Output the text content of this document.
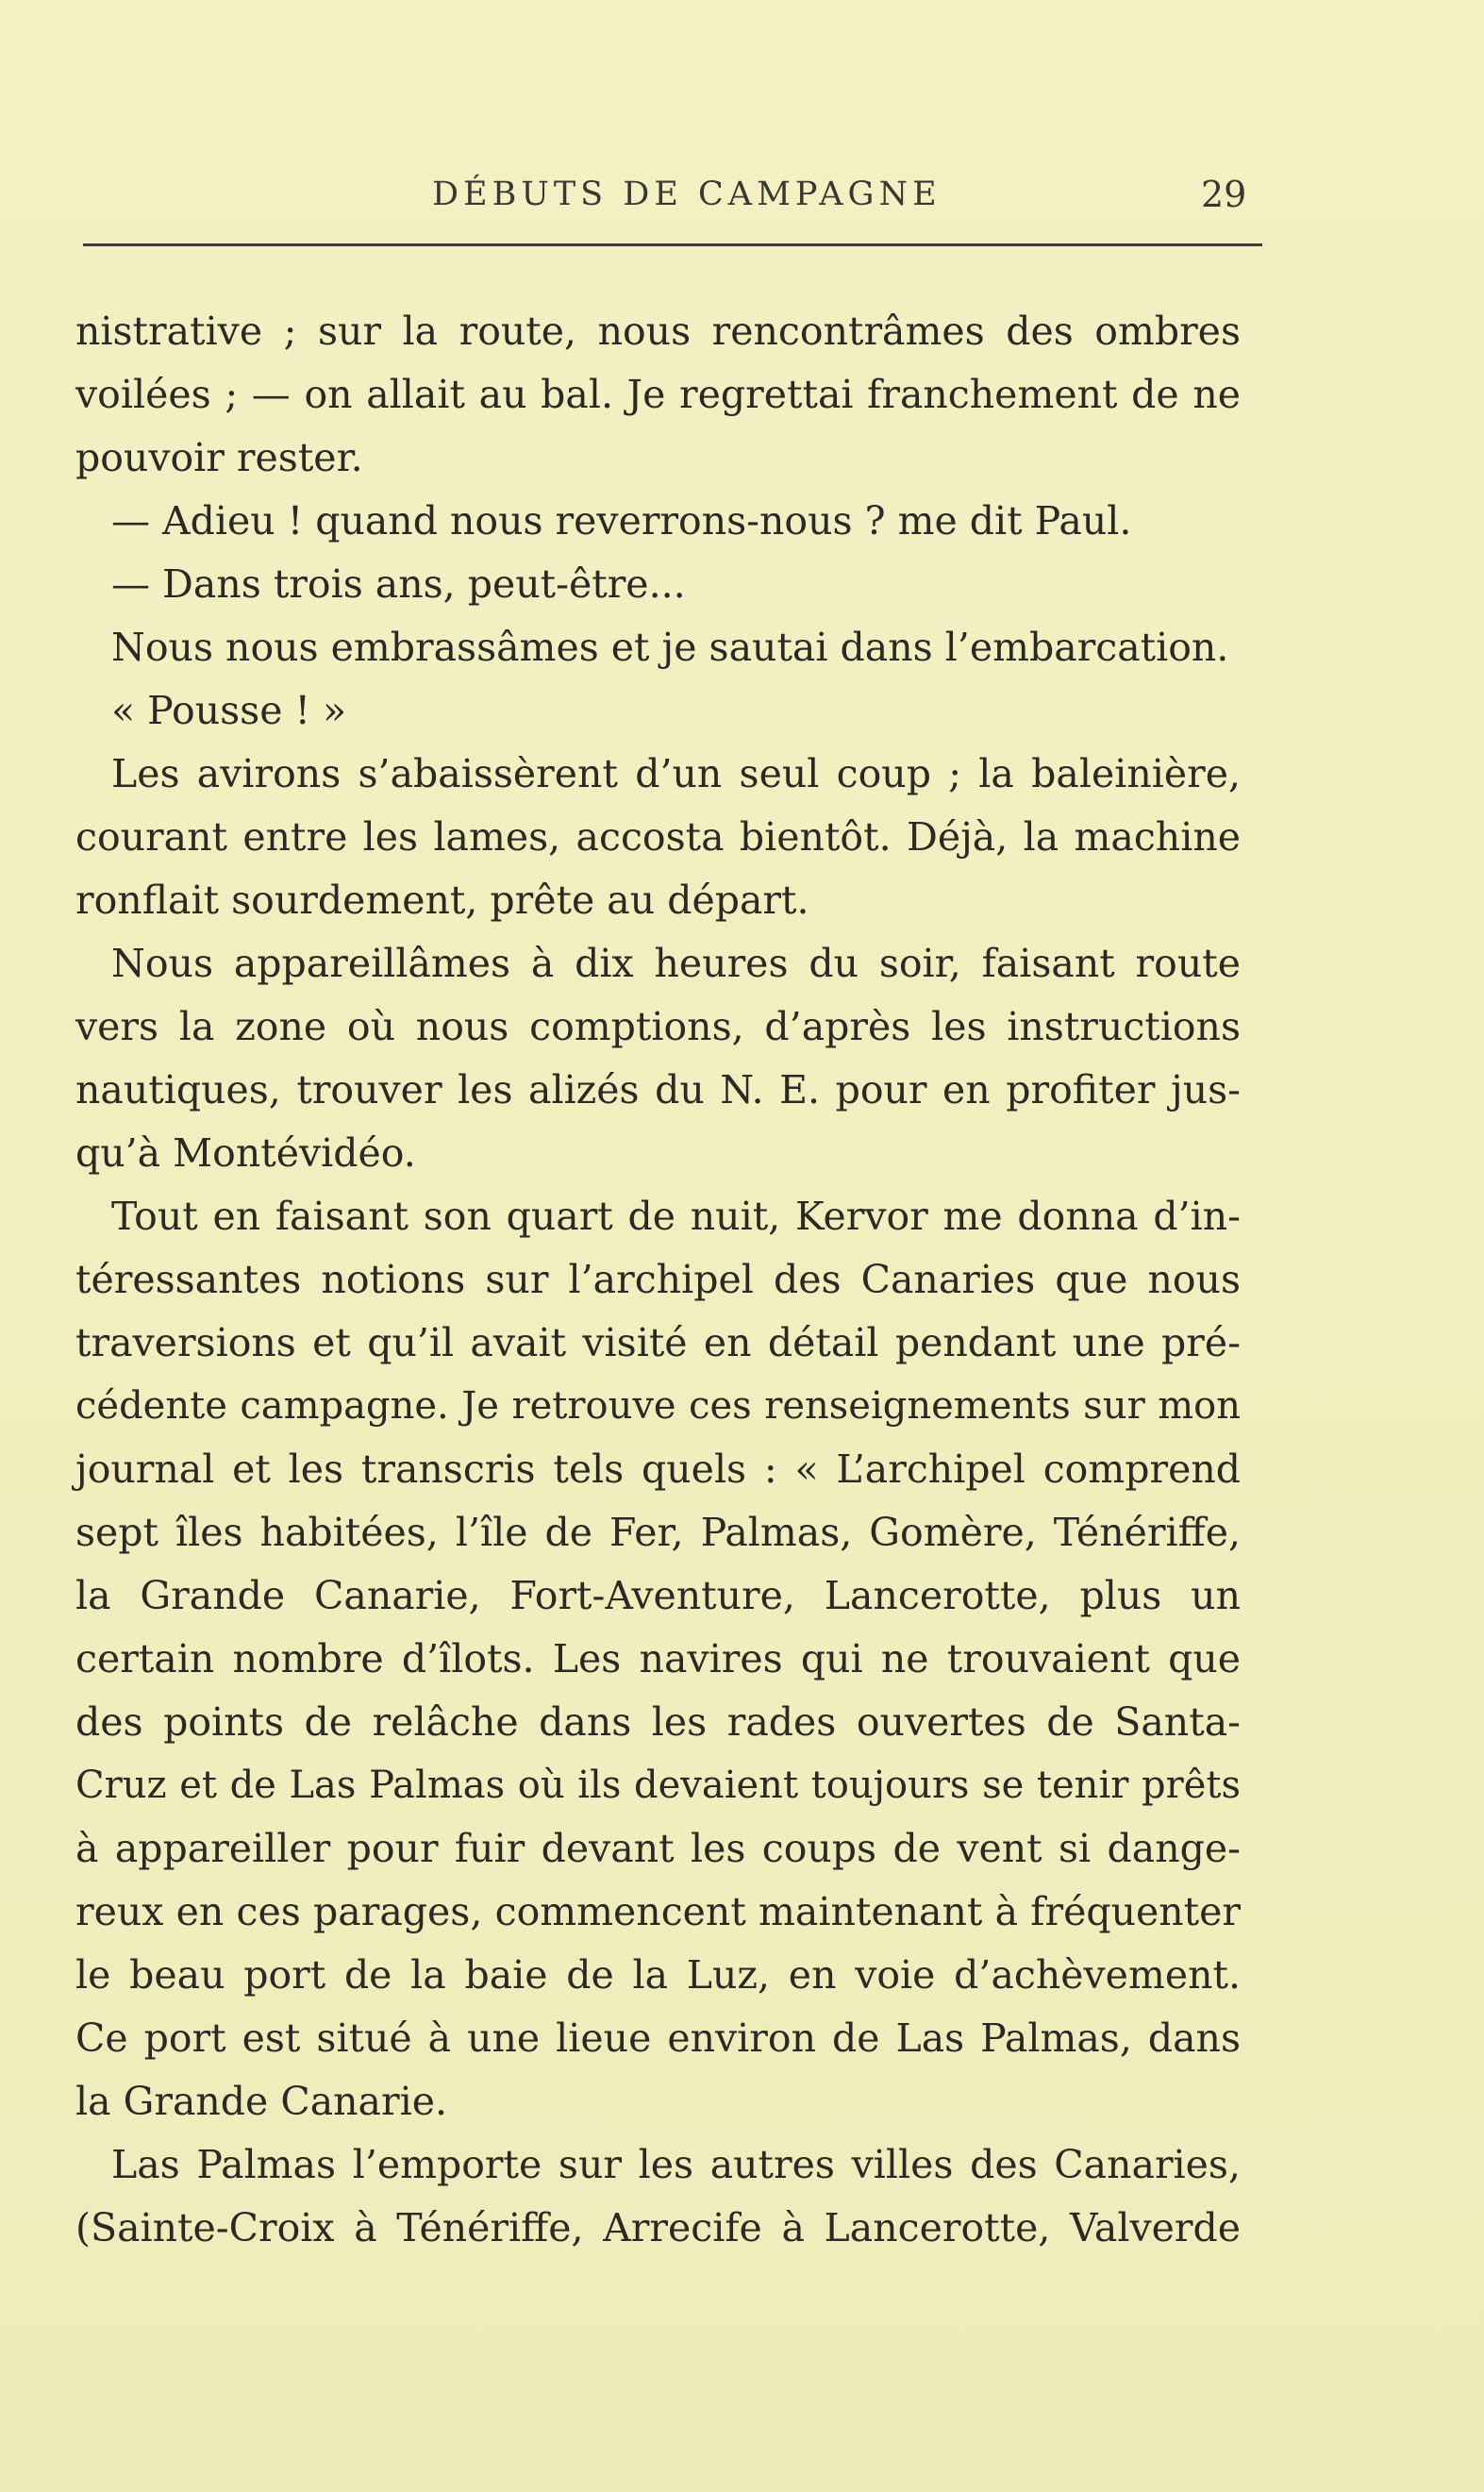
DÉBUTS DE CAMPAGNE	29
nistrative ; sur la route, nous rencontrâmes des ombres
voilées ; — on allait au bal. Je regrettai franchement de ne
pouvoir rester.
— Adieu ! quand nous reverrons-nous ? me dit Paul.
— Dans trois ans, peut-être...
Nous nous embrassâmes et je sautai dans l’embarcation.
« Pousse ! »
Les avirons s’abaissèrent d’un seul coup ; la baleinière,
courant entre les lames, accosta bientôt. Déjà, la machine
ronflait sourdement, prête au départ.
Nous appareillâmes à dix heures du soir, faisant route
vers la zone où nous comptions, d’après les instructions
nautiques, trouver les alizés du N. E. pour en profiter jus-
qu’à Montévidéo.
Tout en faisant son quart de nuit, Kervor me donna d’in-
téressantes notions sur l’archipel des Canaries que nous
traversions et qu’il avait visité en détail pendant une pré-
cédente campagne. Je retrouve ces renseignements sur mon
journal et les transcris tels quels : « L’archipel comprend
sept îles habitées, l’île de Fer, Palmas, Gomère, Ténériffe,
la Grande Canarie, Fort-Aventure, Lancerotte, plus un
certain nombre d’îlots. Les navires qui ne trouvaient que
des points de relâche dans les rades ouvertes de Santa-
Cruz et de Las Palmas où ils devaient toujours se tenir prêts
à appareiller pour fuir devant les coups de vent si dange-
reux en ces parages, commencent maintenant à fréquenter
le beau port de la baie de la Luz, en voie d’achèvement.
Ce port est situé à une lieue environ de Las Palmas, dans
la Grande Canarie.
Las Palmas l’emporte sur les autres villes des Canaries,
(Sainte-Croix à Ténériffe, Arrecife à Lancerotte, Valverde
